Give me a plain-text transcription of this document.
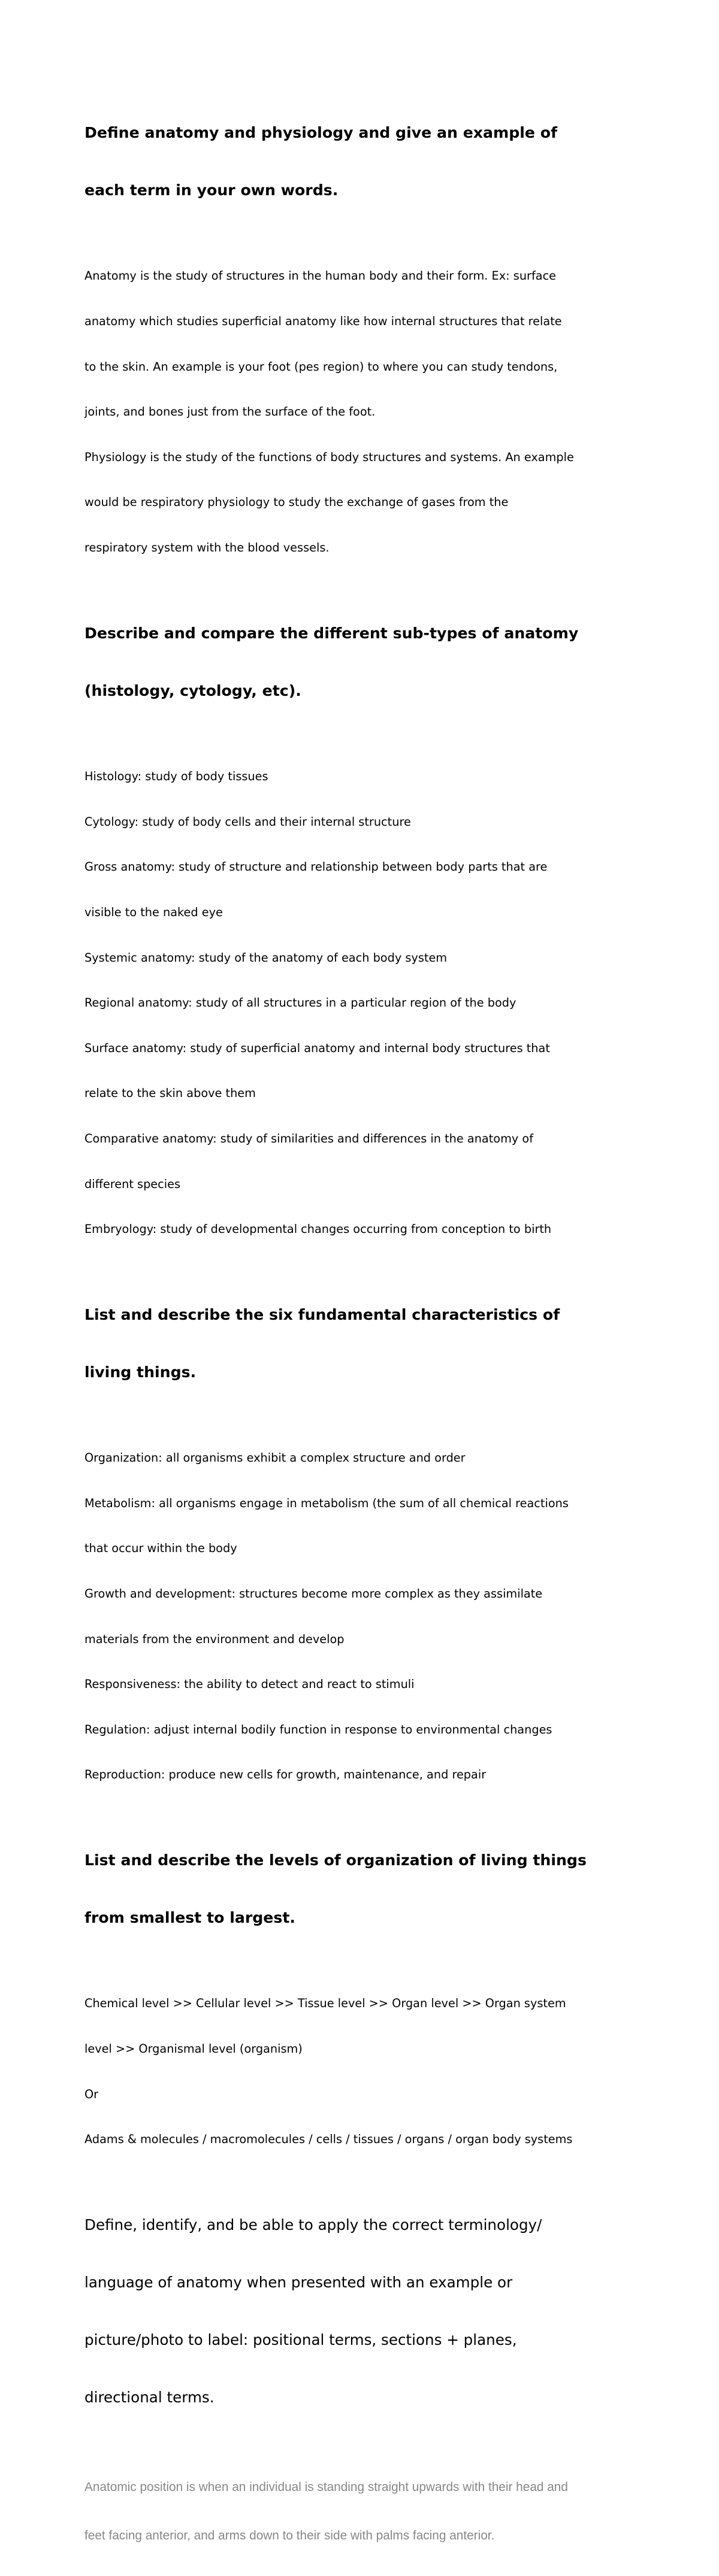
Define anatomy and physiology and give an example of

each term in your own words.

Anatomy is the study of structures in the human body and their form. Ex: surface

anatomy which studies superficial anatomy like how internal structures that relate

to the skin. An example is your foot (pes region) to where you can study tendons,

joints, and bones just from the surface of the foot.

Physiology is the study of the functions of body structures and systems. An example

would be respiratory physiology to study the exchange of gases from the

respiratory system with the blood vessels.

Describe and compare the different sub-types of anatomy

(histology, cytology, etc).

Histology: study of body tissues

Cytology: study of body cells and their internal structure

Gross anatomy: study of structure and relationship between body parts that are

visible to the naked eye

Systemic anatomy: study of the anatomy of each body system

Regional anatomy: study of all structures in a particular region of the body

Surface anatomy: study of superficial anatomy and internal body structures that

relate to the skin above them

Comparative anatomy: study of similarities and differences in the anatomy of

different species

Embryology: study of developmental changes occurring from conception to birth

List and describe the six fundamental characteristics of

living things.

Organization: all organisms exhibit a complex structure and order

Metabolism: all organisms engage in metabolism (the sum of all chemical reactions

that occur within the body

Growth and development: structures become more complex as they assimilate

materials from the environment and develop

Responsiveness: the ability to detect and react to stimuli

Regulation: adjust internal bodily function in response to environmental changes

Reproduction: produce new cells for growth, maintenance, and repair

List and describe the levels of organization of living things

from smallest to largest.

Chemical level >> Cellular level >> Tissue level >> Organ level >> Organ system

level >> Organismal level (organism)

Or

Adams & molecules / macromolecules / cells / tissues / organs / organ body systems

Define, identify, and be able to apply the correct terminology/

language of anatomy when presented with an example or

picture/photo to label: positional terms, sections + planes,

directional terms.

Anatomic position is when an individual is standing straight upwards with their head and

feet facing anterior, and arms down to their side with palms facing anterior.
